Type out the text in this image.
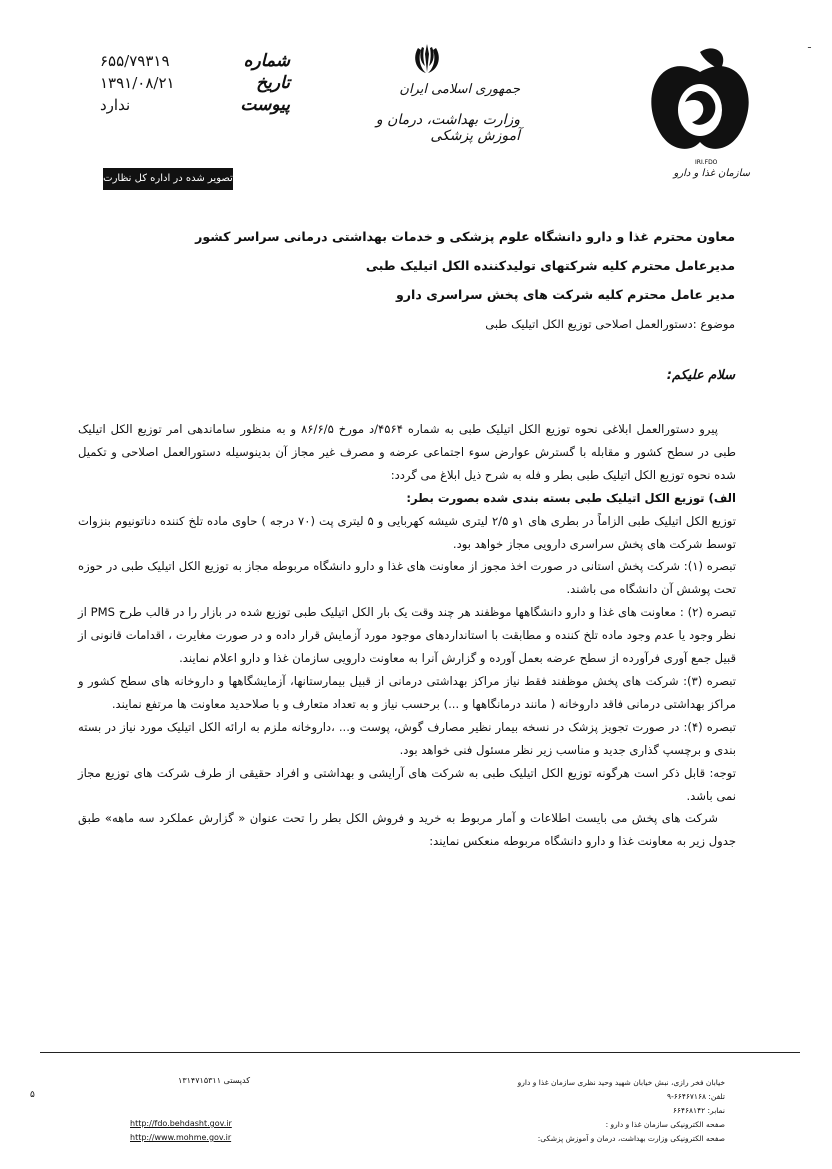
IRI.FDO
سازمان غذا و دارو
جمهوری اسلامی ایران
وزارت بهداشت، درمان و آموزش پزشکی
۶۵۵/۷۹۳۱۹	شماره
۱۳۹۱/۰۸/۲۱	تاریخ
ندارد	پیوست
تصویر شده در اداره کل نظارت
ـ
معاون محترم غذا و دارو دانشگاه علوم پزشکی و خدمات بهداشتی درمانی سراسر کشور
مدیرعامل محترم کلیه شرکتهای تولیدکننده الکل اتیلیک طبی
مدیر عامل محترم کلیه شرکت های پخش سراسری دارو
موضوع :دستورالعمل اصلاحی توزیع الکل اتیلیک طبی
سلام علیکم:

پیرو دستورالعمل ابلاغی نحوه توزیع الکل اتیلیک طبی به شماره ۴۵۶۴/د مورخ ۸۶/۶/۵ و به منظور ساماندهی امر توزیع الکل اتیلیک طبی در سطح کشور و مقابله با گسترش عوارض سوء اجتماعی عرضه و مصرف غیر مجاز آن بدینوسیله دستورالعمل اصلاحی و تکمیل شده نحوه توزیع الکل اتیلیک طبی بطر و فله به شرح ذیل ابلاغ می گردد:

الف) توزیع الکل اتیلیک طبی بسته بندی شده بصورت بطر:

توزیع الکل اتیلیک طبی الزاماً در بطری های ۱و ۲/۵ لیتری شیشه کهربایی و ۵ لیتری پت (۷۰ درجه ) حاوی ماده تلخ کننده دناتونیوم بنزوات توسط شرکت های پخش سراسری دارویی مجاز خواهد بود.

تبصره (۱): شرکت پخش استانی در صورت اخذ مجوز از معاونت های غذا و دارو دانشگاه مربوطه مجاز به توزیع الکل اتیلیک طبی در حوزه تحت پوشش آن دانشگاه می باشند.

تبصره (۲) : معاونت های غذا و دارو دانشگاهها موظفند هر چند وقت یک بار الکل اتیلیک طبی توزیع شده در بازار را در قالب طرح PMS از نظر وجود یا عدم وجود ماده تلخ کننده و مطابقت با استانداردهای موجود مورد آزمایش قرار داده و در صورت مغایرت ، اقدامات قانونی از قبیل جمع آوری فرآورده از سطح عرضه بعمل آورده و گزارش آنرا به معاونت دارویی سازمان غذا و دارو اعلام نمایند.

تبصره (۳): شرکت های پخش موظفند فقط نیاز مراکز بهداشتی درمانی از قبیل بیمارستانها، آزمایشگاهها و داروخانه های سطح کشور و مراکز بهداشتی درمانی فاقد داروخانه ( مانند درمانگاهها و ...) برحسب نیاز و به تعداد متعارف و با صلاحدید معاونت ها مرتفع نمایند.

تبصره (۴): در صورت تجویز پزشک در نسخه بیمار نظیر مصارف گوش، پوست و... ،داروخانه ملزم به ارائه الکل اتیلیک مورد نیاز در بسته بندی و برچسپ گذاری جدید و مناسب زیر نظر مسئول فنی خواهد بود.

توجه: قابل ذکر است هرگونه توزیع الکل اتیلیک طبی به شرکت های آرایشی و بهداشتی و افراد حقیقی از طرف شرکت های توزیع مجاز نمی باشد.

شرکت های پخش می بایست اطلاعات و آمار مربوط به خرید و فروش الکل بطر را تحت عنوان « گزارش عملکرد سه ماهه» طبق جدول زیر به معاونت غذا و دارو دانشگاه مربوطه منعکس نمایند:

خیابان فخر رازی، نبش خیابان شهید وحید نظری سازمان غذا و دارو
تلفن: ۶۶۴۶۷۱۶۸-۹
نمابر: ۶۶۴۶۸۱۴۲
صفحه الکترونیکی سازمان غذا و دارو :
صفحه الکترونیکی وزارت بهداشت، درمان و آموزش پزشکی:
کدپستی ۱۳۱۴۷۱۵۳۱۱
http://fdo.behdasht.gov.ir
http://www.mohme.gov.ir
۵
